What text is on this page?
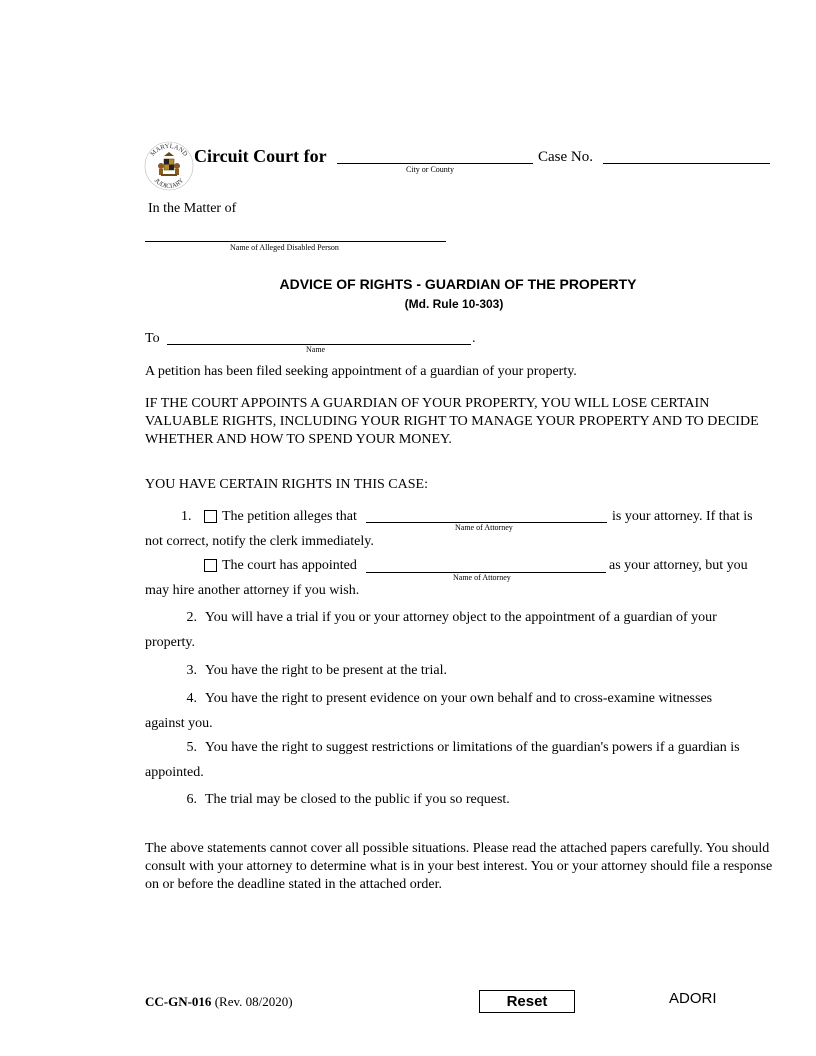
MARYLAND
JUDICIARY
Circuit Court for
City or County
Case No.
In the Matter of
Name of Alleged Disabled Person
ADVICE OF RIGHTS - GUARDIAN OF THE PROPERTY
(Md. Rule 10-303)
To	.
Name
A petition has been filed seeking appointment of a guardian of your property.
IF THE COURT APPOINTS A GUARDIAN OF YOUR PROPERTY, YOU WILL LOSE CERTAIN VALUABLE RIGHTS, INCLUDING YOUR RIGHT TO MANAGE YOUR PROPERTY AND TO DECIDE WHETHER AND HOW TO SPEND YOUR MONEY.
YOU HAVE CERTAIN RIGHTS IN THIS CASE:
1. The petition alleges that
Name of Attorney
is your attorney. If that is
not correct, notify the clerk immediately.
The court has appointed
Name of Attorney
as your attorney, but you
may hire another attorney if you wish.
2. You will have a trial if you or your attorney object to the appointment of a guardian of your
property.
3. You have the right to be present at the trial.
4. You have the right to present evidence on your own behalf and to cross-examine witnesses
against you.
5. You have the right to suggest restrictions or limitations of the guardian's powers if a guardian is
appointed.
6. The trial may be closed to the public if you so request.
The above statements cannot cover all possible situations. Please read the attached papers carefully. You should consult with your attorney to determine what is in your best interest. You or your attorney should file a response on or before the deadline stated in the attached order.
CC-GN-016 (Rev. 08/2020)	Reset	ADORI
